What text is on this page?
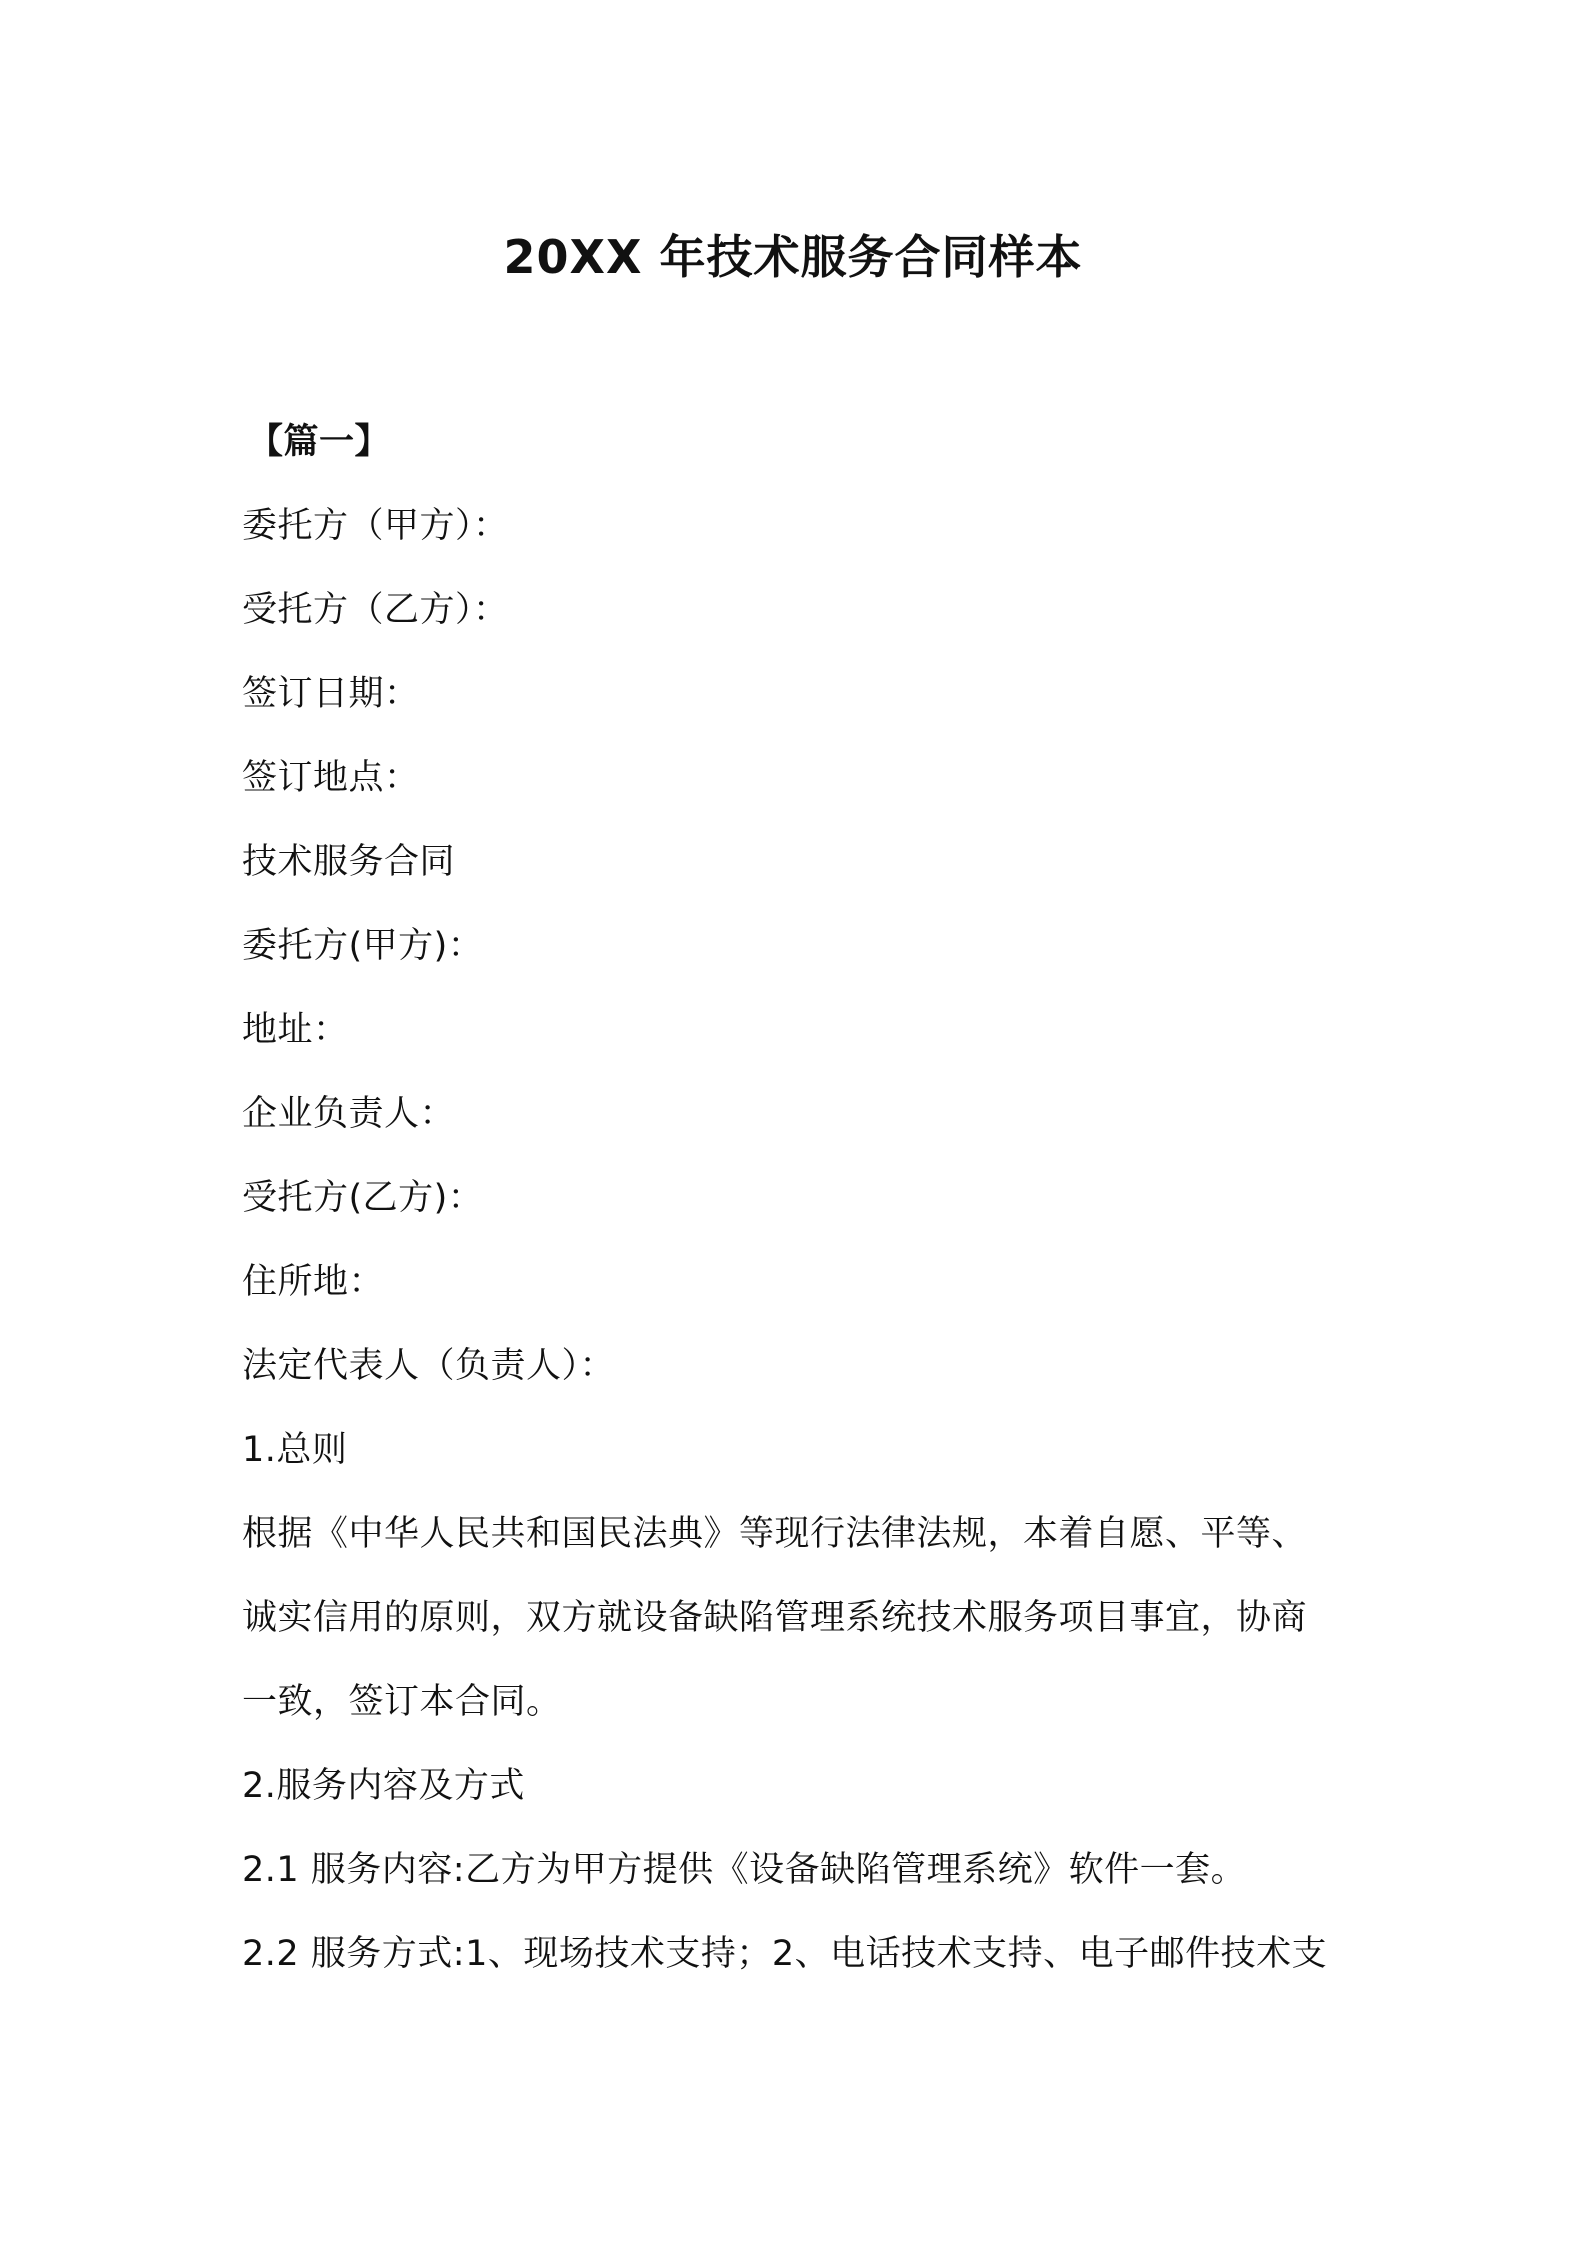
20XX 年技术服务合同样本
【篇一】
委托方（甲方）：
受托方（乙方）：
签订日期：
签订地点：
技术服务合同
委托方(甲方)：
地址：
企业负责人：
受托方(乙方)：
住所地：
法定代表人（负责人）：
1.总则
根据《中华人民共和国民法典》等现行法律法规，本着自愿、平等、
诚实信用的原则，双方就设备缺陷管理系统技术服务项目事宜，协商
一致，签订本合同。
2.服务内容及方式
2.1 服务内容:乙方为甲方提供《设备缺陷管理系统》软件一套。
2.2 服务方式:1、现场技术支持；2、电话技术支持、电子邮件技术支
